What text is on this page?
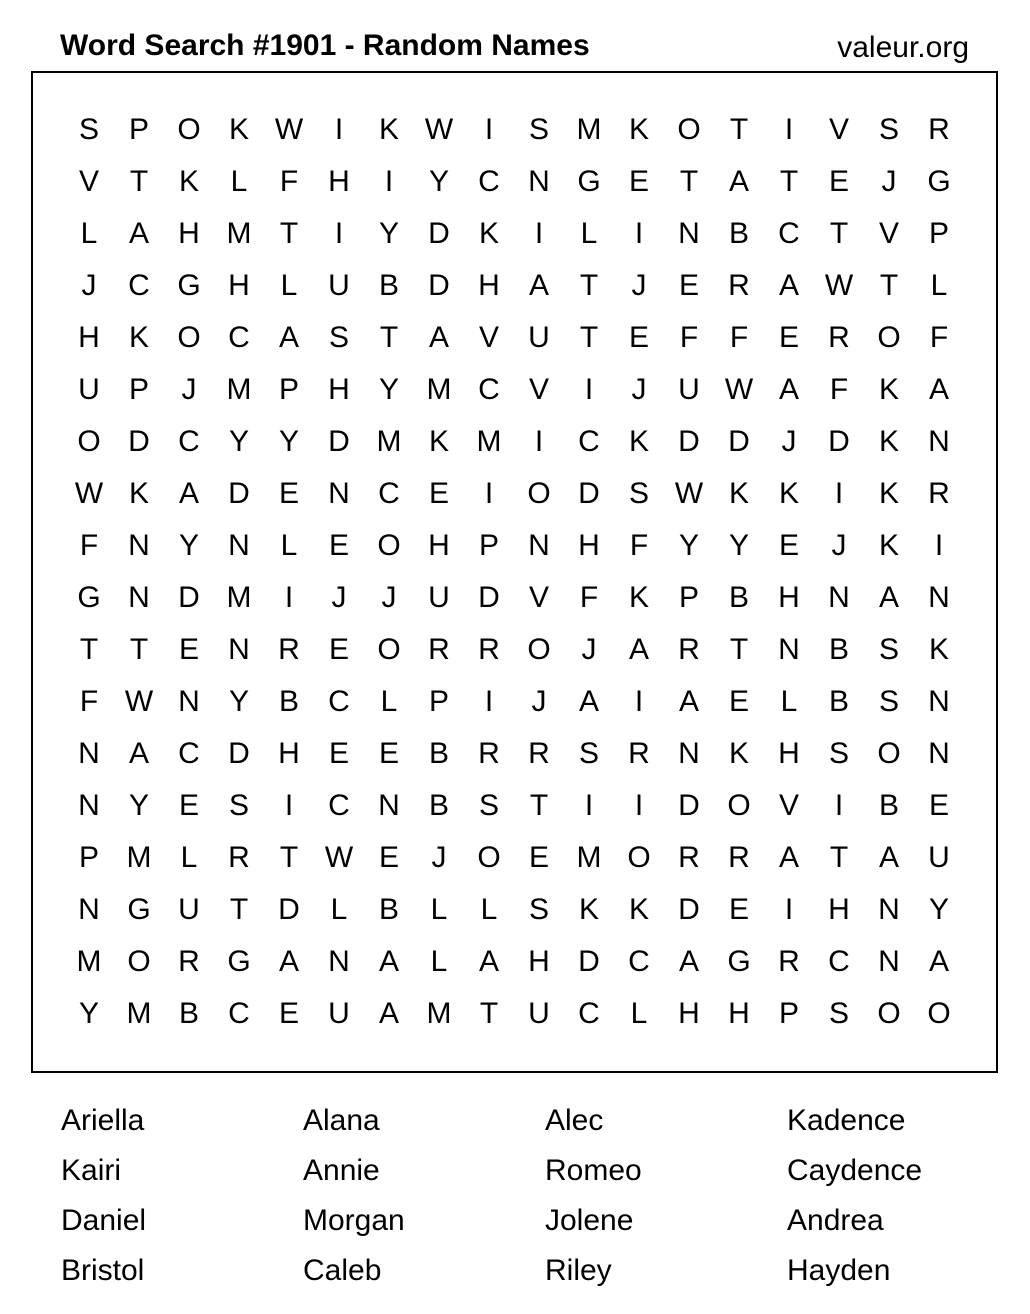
Word Search #1901 - Random Names	valeur.org
S P O K W	I	K W	I	S M K O T	I	V S R
V	T	K	L	F	H	I	Y C N G E	T	A	T	E	J	G
L	A H M T	I	Y D K	I	L	I	N B C	T	V P
J	C G H	L	U B D H A	T	J	E R A W T	L
H K O C A S	T	A V U	T	E	F	F	E R O F
U P	J	M P H Y M C V	I	J	U W A	F	K A
O D C Y Y D M K M	I	C K D D	J	D K N
W K A D E N C E	I	O D S W K K	I	K R
F	N Y N	L	E O H P N H	F	Y Y E	J	K	I
G N D M	I	J	J	U D V	F	K P B H N A N
T	T	E N R E O R R O	J	A R	T	N B S K
F W N Y B C	L	P	I	J	A	I	A E	L	B S N
N A C D H E E B R R S R N K H S O N
N Y E S	I	C N B S	T	I	I	D O V	I	B E
P M L	R	T W E	J	O E M O R R A	T	A U
N G U	T	D	L	B	L	L	S K K D E	I	H N Y
M O R G A N A	L	A H D C A G R C N A
Y M B C E U A M T	U C	L	H H P S O O
Ariella	Alana	Alec	Kadence
Kairi	Annie	Romeo	Caydence
Daniel	Morgan	Jolene	Andrea
Bristol	Caleb	Riley	Hayden
